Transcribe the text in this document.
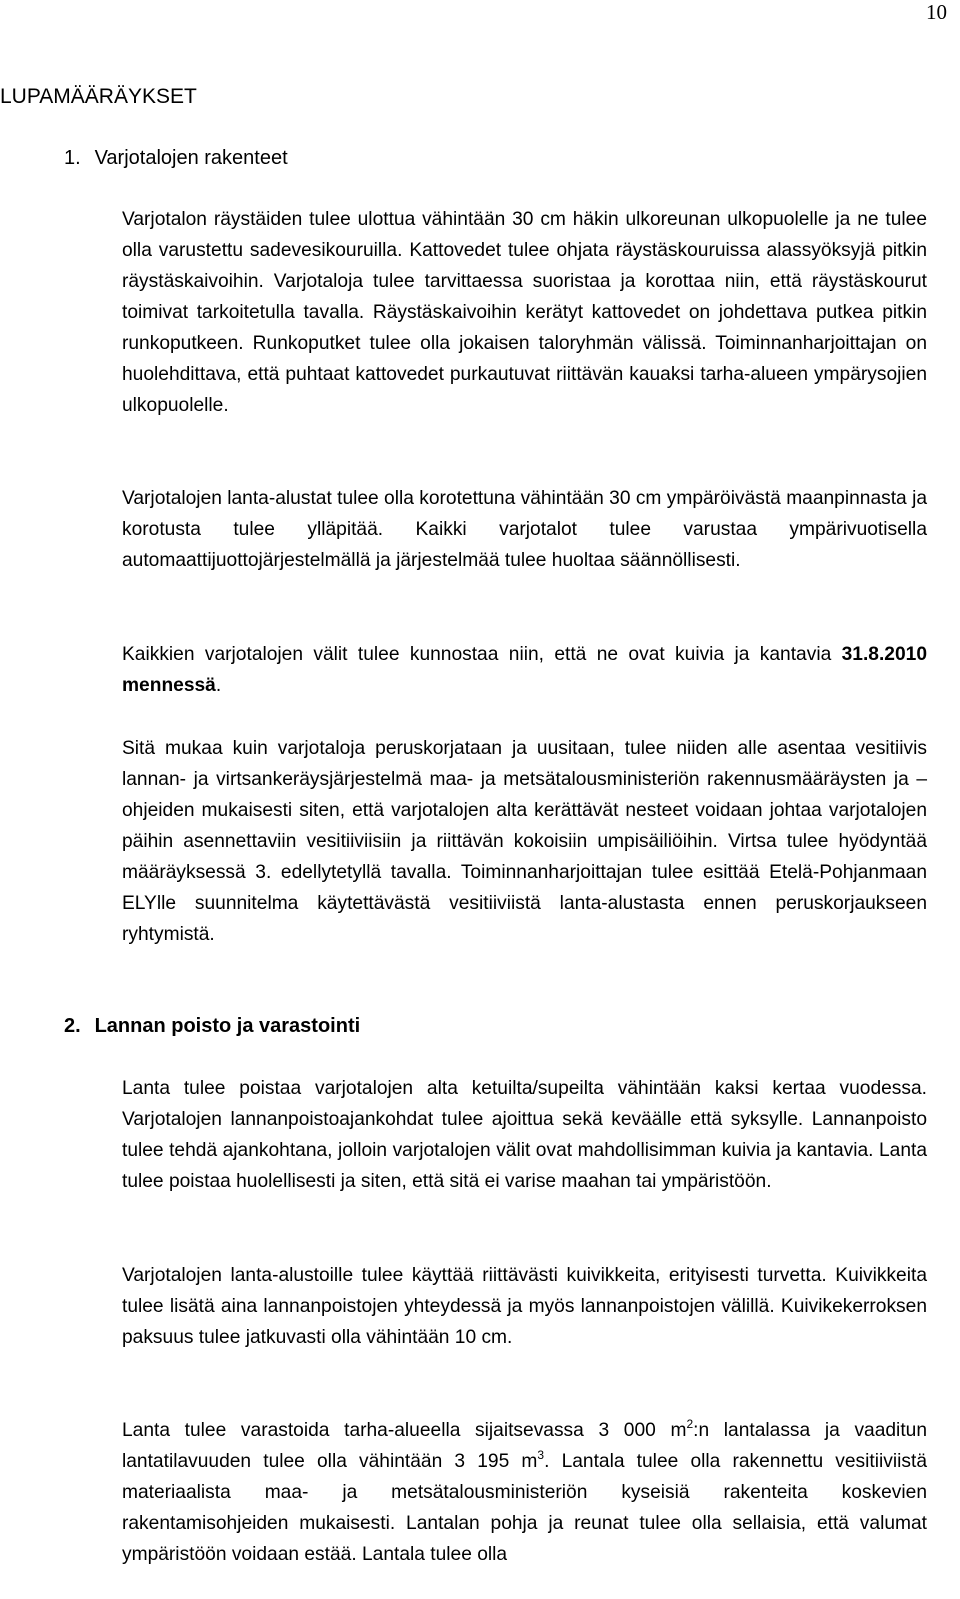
10
LUPAMÄÄRÄYKSET
1. Varjotalojen rakenteet

Varjotalon räystäiden tulee ulottua vähintään 30 cm häkin ulkoreunan ulkopuolelle ja ne tulee olla varustettu sadevesikouruilla. Kattovedet tulee ohjata räystäskouruissa alassyöksyjä pitkin räystäskaivoihin. Varjotaloja tulee tarvittaessa suoristaa ja korottaa niin, että räystäskourut toimivat tarkoitetulla tavalla. Räystäskaivoihin kerätyt kattovedet on johdettava putkea pitkin runkoputkeen. Runkoputket tulee olla jokaisen taloryhmän välissä. Toiminnanharjoittajan on huolehdittava, että puhtaat kattovedet purkautuvat riittävän kauaksi tarha-alueen ympärysojien ulkopuolelle.

Varjotalojen lanta-alustat tulee olla korotettuna vähintään 30 cm ympäröivästä maanpinnasta ja korotusta tulee ylläpitää. Kaikki varjotalot tulee varustaa ympärivuotisella automaattijuottojärjestelmällä ja järjestelmää tulee huoltaa säännöllisesti.

Kaikkien varjotalojen välit tulee kunnostaa niin, että ne ovat kuivia ja kantavia 31.8.2010 mennessä.

Sitä mukaa kuin varjotaloja peruskorjataan ja uusitaan, tulee niiden alle asentaa vesitiivis lannan- ja virtsankeräysjärjestelmä maa- ja metsätalousministeriön rakennusmääräysten ja – ohjeiden mukaisesti siten, että varjotalojen alta kerättävät nesteet voidaan johtaa varjotalojen päihin asennettaviin vesitiiviisiin ja riittävän kokoisiin umpisäiliöihin. Virtsa tulee hyödyntää määräyksessä 3. edellytetyllä tavalla. Toiminnanharjoittajan tulee esittää Etelä-Pohjanmaan ELYlle suunnitelma käytettävästä vesitiiviistä lanta-alustasta ennen peruskorjaukseen ryhtymistä.

2. Lannan poisto ja varastointi

Lanta tulee poistaa varjotalojen alta ketuilta/supeilta vähintään kaksi kertaa vuodessa. Varjotalojen lannanpoistoajankohdat tulee ajoittua sekä keväälle että syksylle. Lannanpoisto tulee tehdä ajankohtana, jolloin varjotalojen välit ovat mahdollisimman kuivia ja kantavia. Lanta tulee poistaa huolellisesti ja siten, että sitä ei varise maahan tai ympäristöön.

Varjotalojen lanta-alustoille tulee käyttää riittävästi kuivikkeita, erityisesti turvetta. Kuivikkeita tulee lisätä aina lannanpoistojen yhteydessä ja myös lannanpoistojen välillä. Kuivikekerroksen paksuus tulee jatkuvasti olla vähintään 10 cm.

Lanta tulee varastoida tarha-alueella sijaitsevassa 3 000 $m^2:n$ lantalassa ja vaaditun lantatilavuuden tulee olla vähintään 3 195 $m^3$. Lantala tulee olla rakennettu vesitiiviistä materiaalista maa- ja metsätalousministeriön kyseisiä rakenteita koskevien rakentamisohjeiden mukaisesti. Lantalan pohja ja reunat tulee olla sellaisia, että valumat ympäristöön voidaan estää. Lantala tulee olla
